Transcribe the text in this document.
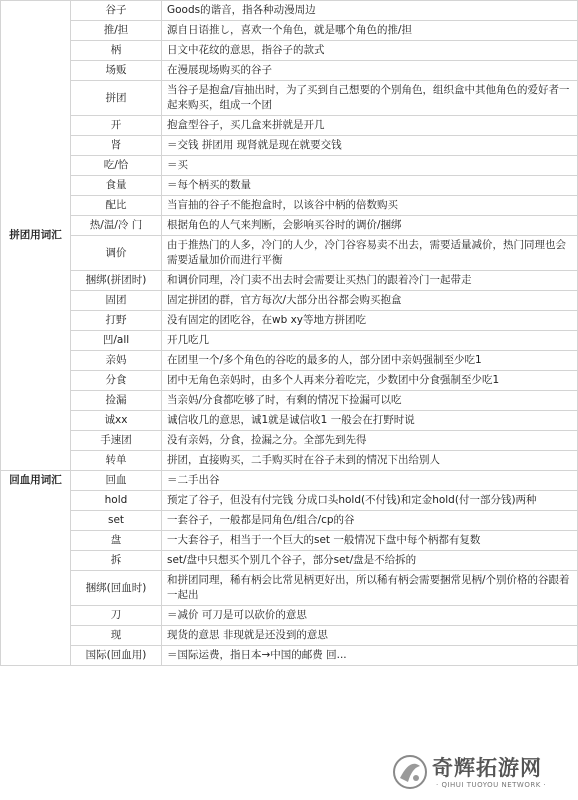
拼团用词汇	谷子	Goods的谐音，指各种动漫周边
	推/担	源自日语推し，喜欢一个角色，就是哪个角色的推/担
	柄	日文中花纹的意思，指谷子的款式
	场贩	在漫展现场购买的谷子
	拼团	当谷子是抱盒/盲抽出时，为了买到自己想要的个别角色，组织盒中其他角色的爱好者一起来购买，组成一个团
	开	抱盒型谷子，买几盒来拼就是开几
	肾	＝交钱 拼团用 现肾就是现在就要交钱
	吃/恰	＝买
	食量	＝每个柄买的数量
	配比	当盲抽的谷子不能抱盒时，以该谷中柄的倍数购买
	热/温/冷 门	根据角色的人气来判断，会影响买谷时的调价/捆绑
	调价	由于推热门的人多，冷门的人少，冷门谷容易卖不出去，需要适量减价，热门同理也会需要适量加价而进行平衡
	捆绑(拼团时)	和调价同理，冷门卖不出去时会需要让买热门的跟着冷门一起带走
	固团	固定拼团的群，官方每次/大部分出谷都会购买抱盒
	打野	没有固定的团吃谷，在wb xy等地方拼团吃
	凹/all	开几吃几
	亲妈	在团里一个/多个角色的谷吃的最多的人，部分团中亲妈强制至少吃1
	分食	团中无角色亲妈时，由多个人再来分着吃完，少数团中分食强制至少吃1
	捡漏	当亲妈/分食都吃够了时，有剩的情况下捡漏可以吃
	诚xx	诚信收几的意思，诚1就是诚信收1 一般会在打野时说
	手速团	没有亲妈，分食，捡漏之分。全部先到先得
	转单	拼团，直接购买，二手购买时在谷子未到的情况下出给别人
回血用词汇	回血	＝二手出谷
	hold	预定了谷子，但没有付完钱 分成口头hold(不付钱)和定金hold(付一部分钱)两种
	set	一套谷子，一般都是同角色/组合/cp的谷
	盘	一大套谷子，相当于一个巨大的set 一般情况下盘中每个柄都有复数
	拆	set/盘中只想买个别几个谷子，部分set/盘是不给拆的
	捆绑(回血时)	和拼团同理，稀有柄会比常见柄更好出，所以稀有柄会需要捆常见柄/个别价格的谷跟着一起出
	刀	＝减价 可刀是可以砍价的意思
	现	现货的意思 非现就是还没到的意思
	国际(回血用)	＝国际运费，指日本→中国的邮费 回...
奇辉拓游网
· QIHUI TUOYOU NETWORK ·
